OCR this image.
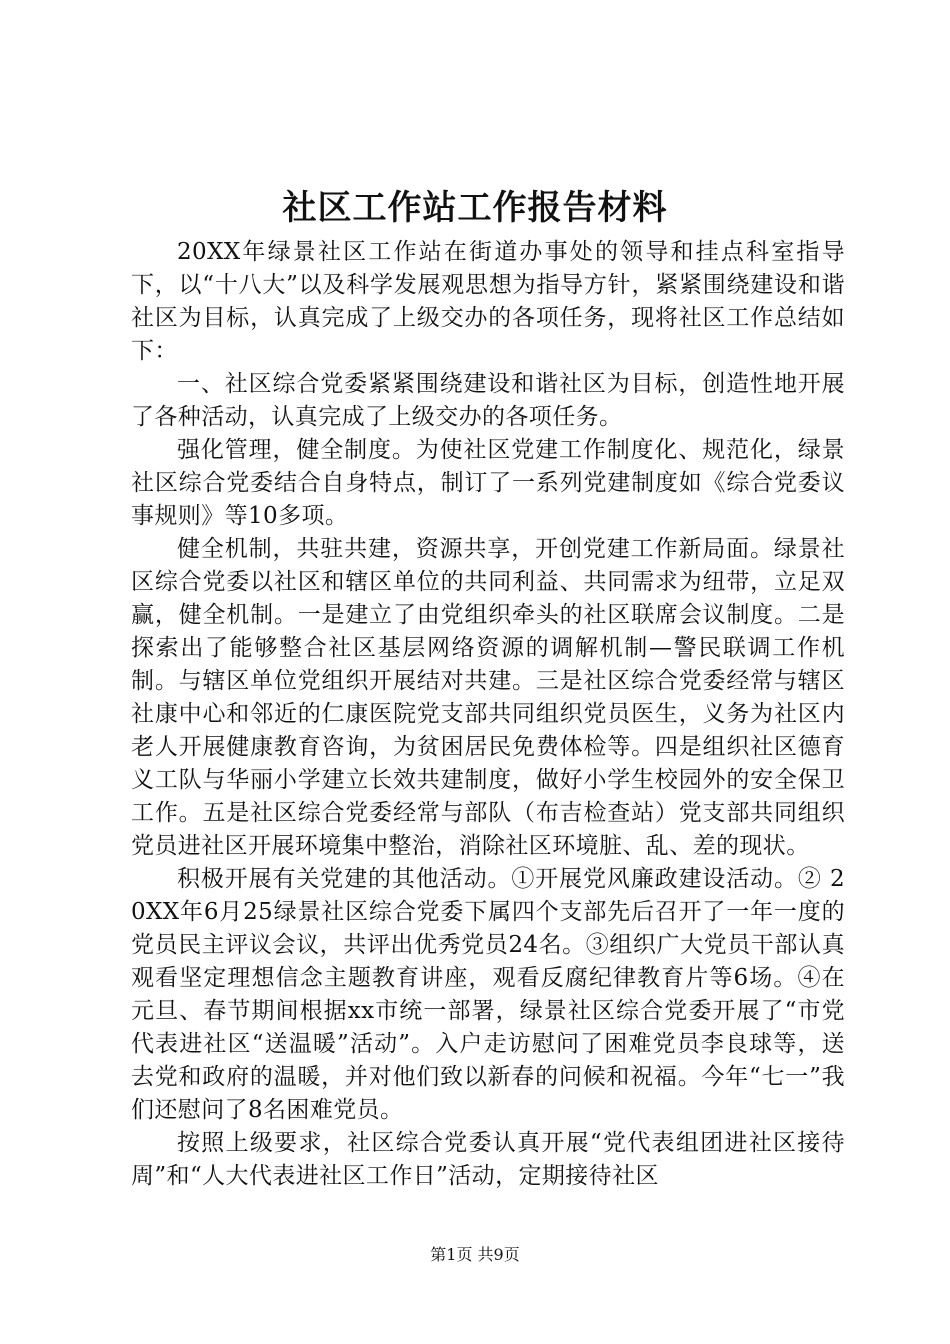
社区工作站工作报告材料

20XX年绿景社区工作站在街道办事处的领导和挂点科室指导下，以“十八大”以及科学发展观思想为指导方针，紧紧围绕建设和谐社区为目标，认真完成了上级交办的各项任务，现将社区工作总结如下：

一、社区综合党委紧紧围绕建设和谐社区为目标，创造性地开展了各种活动，认真完成了上级交办的各项任务。

强化管理，健全制度。为使社区党建工作制度化、规范化，绿景社区综合党委结合自身特点，制订了一系列党建制度如《综合党委议事规则》等10多项。

健全机制，共驻共建，资源共享，开创党建工作新局面。绿景社区综合党委以社区和辖区单位的共同利益、共同需求为纽带，立足双赢，健全机制。一是建立了由党组织牵头的社区联席会议制度。二是探索出了能够整合社区基层网络资源的调解机制—警民联调工作机制。与辖区单位党组织开展结对共建。三是社区综合党委经常与辖区社康中心和邻近的仁康医院党支部共同组织党员医生，义务为社区内老人开展健康教育咨询，为贫困居民免费体检等。四是组织社区德育义工队与华丽小学建立长效共建制度，做好小学生校园外的安全保卫工作。五是社区综合党委经常与部队（布吉检查站）党支部共同组织党员进社区开展环境集中整治，消除社区环境脏、乱、差的现状。

积极开展有关党建的其他活动。①开展党风廉政建设活动。② 20XX年6月25绿景社区综合党委下属四个支部先后召开了一年一度的党员民主评议会议，共评出优秀党员24名。③组织广大党员干部认真观看坚定理想信念主题教育讲座，观看反腐纪律教育片等6场。④在元旦、春节期间根据xx市统一部署，绿景社区综合党委开展了“市党代表进社区“送温暖”活动”。入户走访慰问了困难党员李良球等，送去党和政府的温暖，并对他们致以新春的问候和祝福。今年“七一”我们还慰问了8名困难党员。

按照上级要求，社区综合党委认真开展“党代表组团进社区接待周”和“人大代表进社区工作日”活动，定期接待社区

第1页 共9页
